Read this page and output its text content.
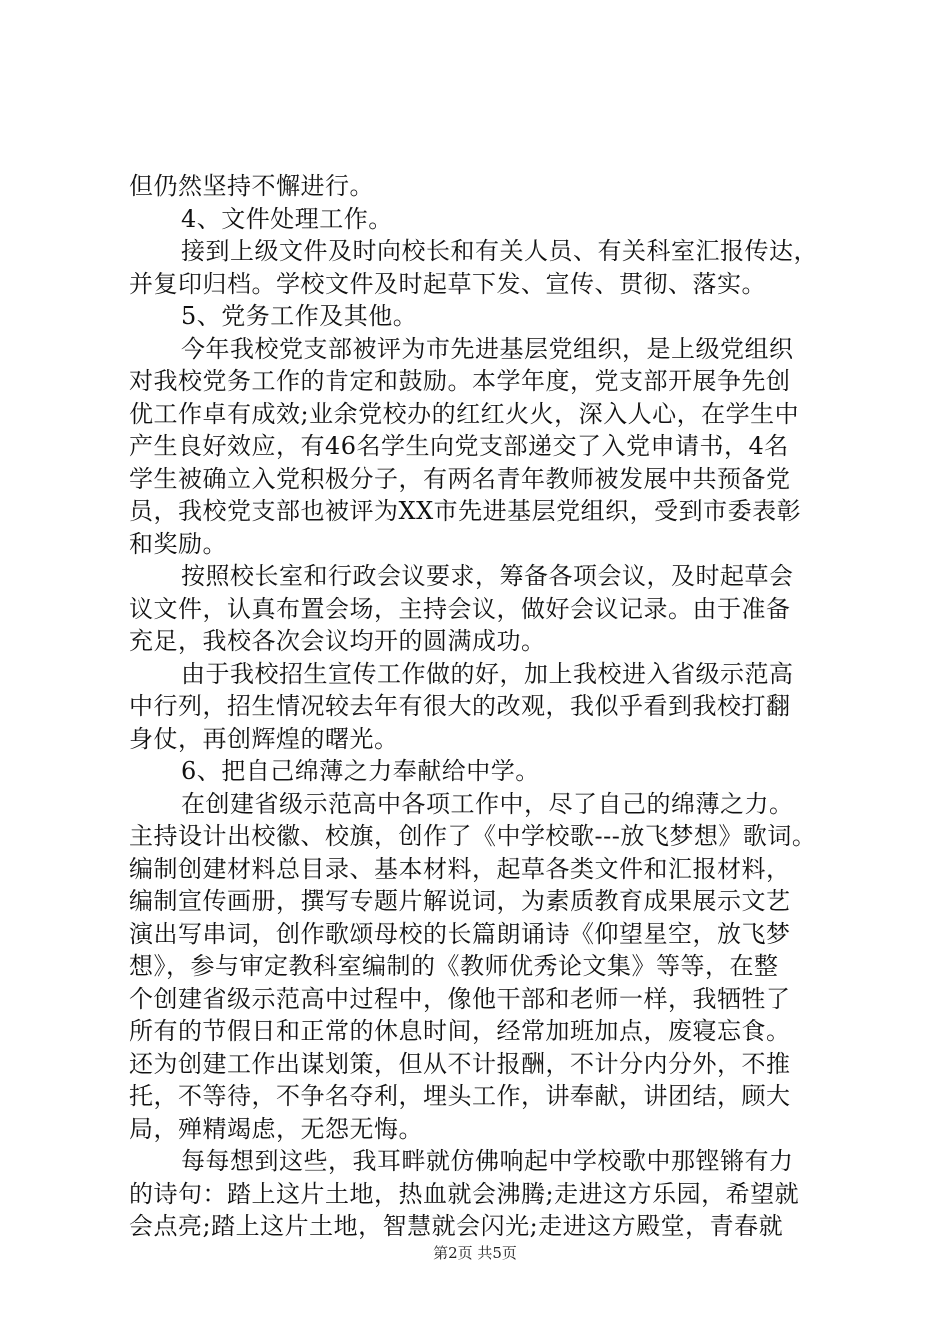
但仍然坚持不懈进行。
4、文件处理工作。
接到上级文件及时向校长和有关人员、有关科室汇报传达，
并复印归档。学校文件及时起草下发、宣传、贯彻、落实。
5、党务工作及其他。
今年我校党支部被评为市先进基层党组织，是上级党组织
对我校党务工作的肯定和鼓励。本学年度，党支部开展争先创
优工作卓有成效;业余党校办的红红火火，深入人心，在学生中
产生良好效应，有46名学生向党支部递交了入党申请书，4名
学生被确立入党积极分子，有两名青年教师被发展中共预备党
员，我校党支部也被评为XX市先进基层党组织，受到市委表彰
和奖励。
按照校长室和行政会议要求，筹备各项会议，及时起草会
议文件，认真布置会场，主持会议，做好会议记录。由于准备
充足，我校各次会议均开的圆满成功。
由于我校招生宣传工作做的好，加上我校进入省级示范高
中行列，招生情况较去年有很大的改观，我似乎看到我校打翻
身仗，再创辉煌的曙光。
6、把自己绵薄之力奉献给中学。
在创建省级示范高中各项工作中，尽了自己的绵薄之力。
主持设计出校徽、校旗，创作了《中学校歌---放飞梦想》歌词。
编制创建材料总目录、基本材料，起草各类文件和汇报材料，
编制宣传画册，撰写专题片解说词，为素质教育成果展示文艺
演出写串词，创作歌颂母校的长篇朗诵诗《仰望星空，放飞梦
想》，参与审定教科室编制的《教师优秀论文集》等等，在整
个创建省级示范高中过程中，像他干部和老师一样，我牺牲了
所有的节假日和正常的休息时间，经常加班加点，废寝忘食。
还为创建工作出谋划策，但从不计报酬，不计分内分外，不推
托，不等待，不争名夺利，埋头工作，讲奉献，讲团结，顾大
局，殚精竭虑，无怨无悔。
每每想到这些，我耳畔就仿佛响起中学校歌中那铿锵有力
的诗句：踏上这片土地，热血就会沸腾;走进这方乐园，希望就
会点亮;踏上这片土地，智慧就会闪光;走进这方殿堂，青春就
第2页 共5页
